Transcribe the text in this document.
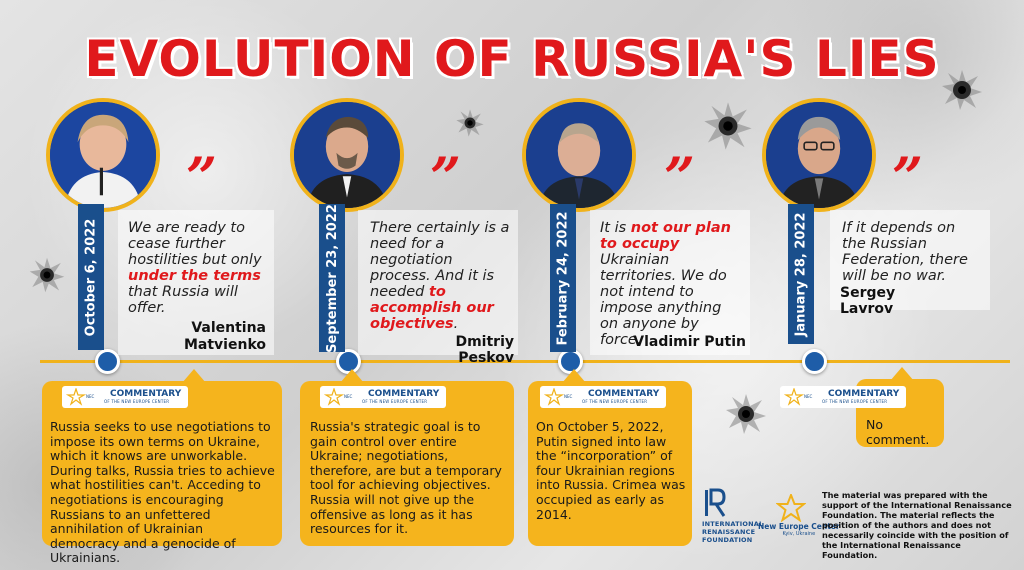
EVOLUTION OF RUSSIA'S LIES
October 6, 2022
”
We are ready to cease further hostilities but only under the terms that Russia will offer.
Valentina Matvienko
NEC COMMENTARY
OF THE NEW EUROPE CENTER
Russia seeks to use negotiations to impose its own terms on Ukraine, which it knows are unworkable. During talks, Russia tries to achieve what hostilities can't. Acceding to negotiations is encouraging Russians to an unfettered annihilation of Ukrainian democracy and a genocide of Ukrainians.
September 23, 2022
”
There certainly is a need for a negotiation process. And it is needed to accomplish our objectives.
Dmitriy Peskov
NEC COMMENTARY
OF THE NEW EUROPE CENTER
Russia's strategic goal is to gain control over entire Ukraine; negotiations, therefore, are but a temporary tool for achieving objectives. Russia will not give up the offensive as long as it has resources for it.
February 24, 2022
”
It is not our plan to occupy Ukrainian territories. We do not intend to impose anything on anyone by force.
Vladimir Putin
NEC COMMENTARY
OF THE NEW EUROPE CENTER
On October 5, 2022, Putin signed into law the “incorporation” of four Ukrainian regions into Russia. Crimea was occupied as early as 2014.
January 28, 2022
”
If it depends on the Russian Federation, there will be no war.
Sergey Lavrov
NEC COMMENTARY
OF THE NEW EUROPE CENTER
No comment.
INTERNATIONAL RENAISSANCE FOUNDATION
New Europe Center
Kyiv, Ukraine
The material was prepared with the support of the International Renaissance Foundation. The material reflects the position of the authors and does not necessarily coincide with the position of the International Renaissance Foundation.
